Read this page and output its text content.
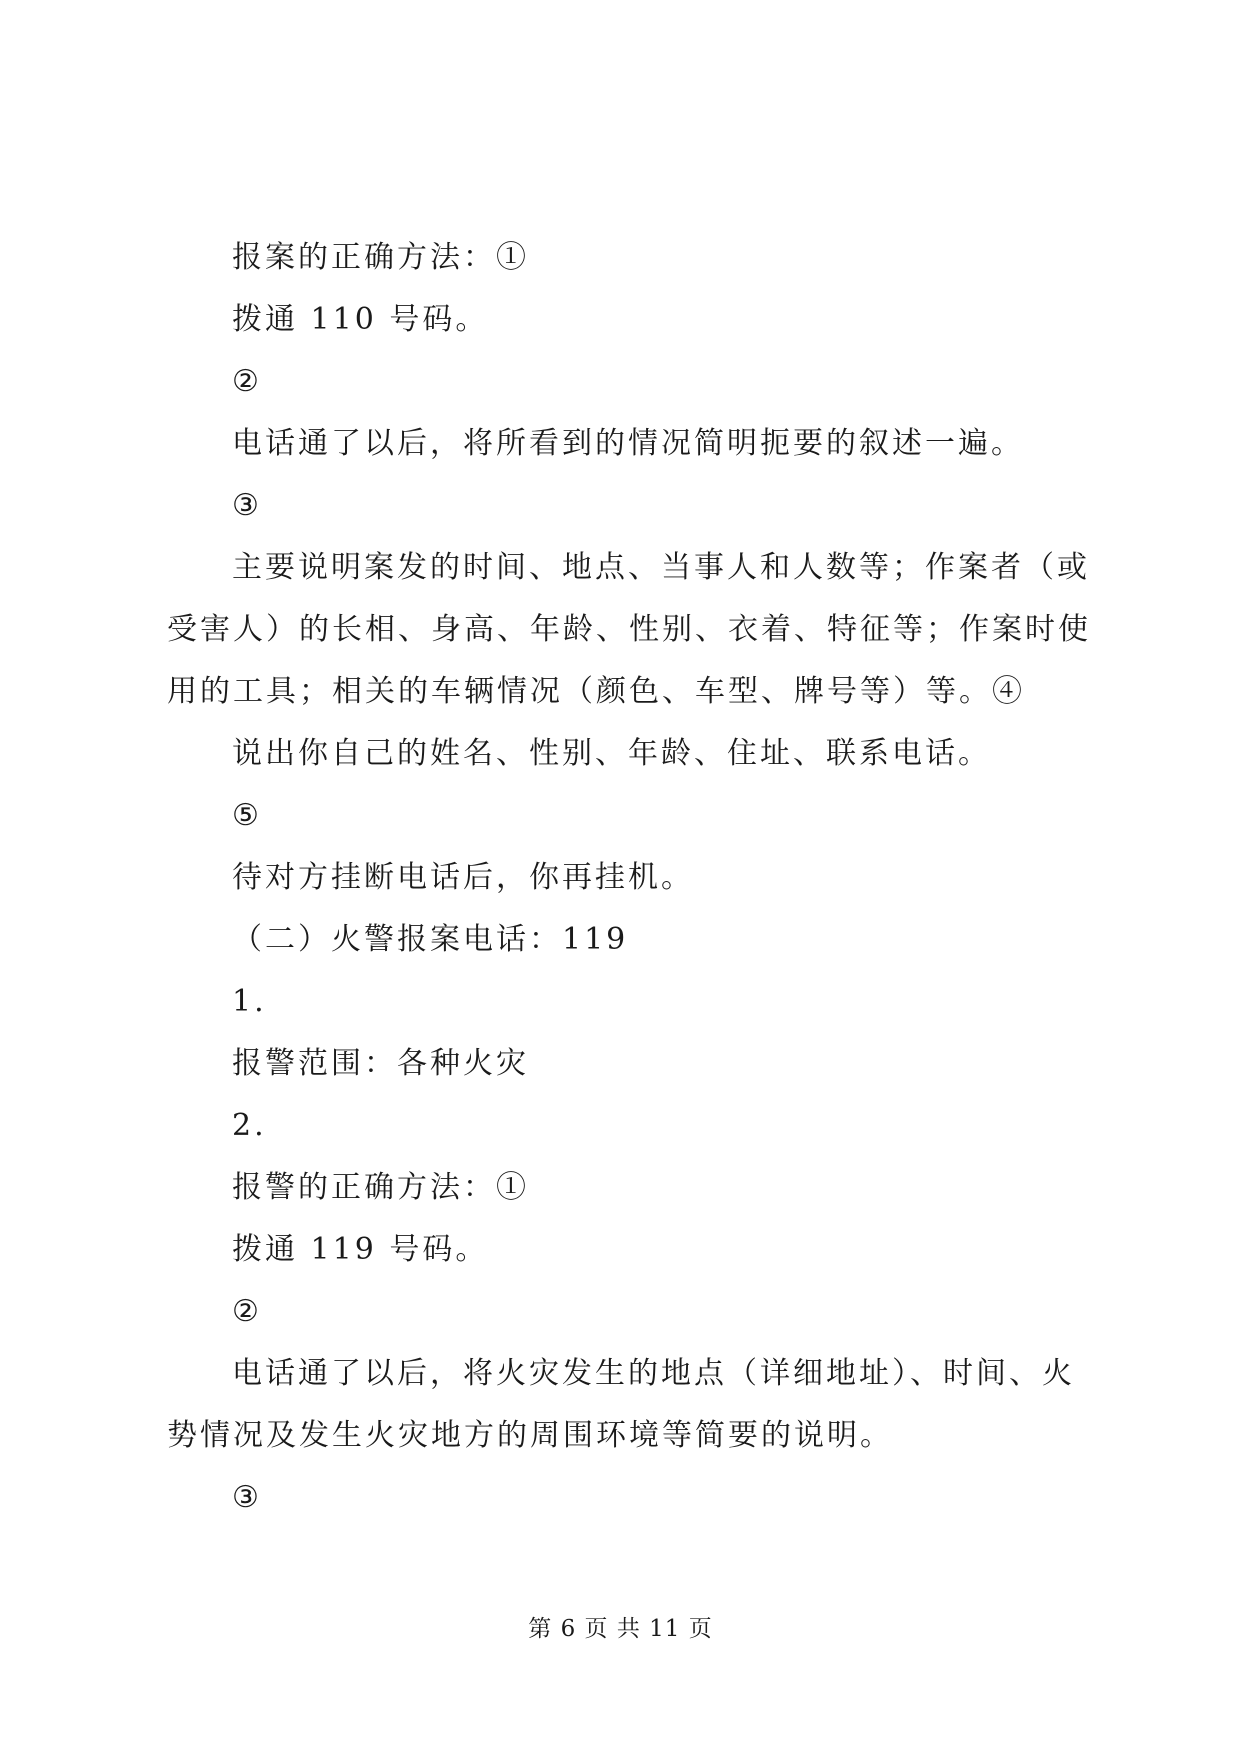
报案的正确方法：①

拨通 110 号码。

②

电话通了以后，将所看到的情况简明扼要的叙述一遍。

③

主要说明案发的时间、地点、当事人和人数等；作案者（或

受害人）的长相、身高、年龄、性别、衣着、特征等；作案时使

用的工具；相关的车辆情况（颜色、车型、牌号等）等。④

说出你自己的姓名、性别、年龄、住址、联系电话。

⑤

待对方挂断电话后，你再挂机。

（二）火警报案电话：119

1.

报警范围：各种火灾

2.

报警的正确方法：①

拨通 119 号码。

②

电话通了以后，将火灾发生的地点（详细地址）、时间、火

势情况及发生火灾地方的周围环境等简要的说明。

③

第 6 页 共 11 页
